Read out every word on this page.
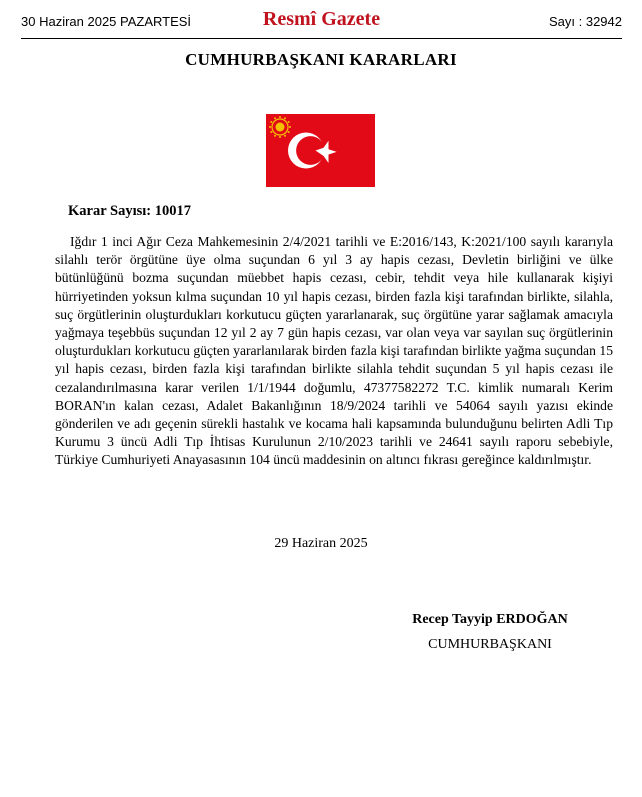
30 Haziran 2025 PAZARTESİ	Resmî Gazete	Sayı : 32942
CUMHURBAŞKANI KARARLARI
Karar Sayısı: 10017

Iğdır 1 inci Ağır Ceza Mahkemesinin 2/4/2021 tarihli ve E:2016/143, K:2021/100 sayılı kararıyla silahlı terör örgütüne üye olma suçundan 6 yıl 3 ay hapis cezası, Devletin birliğini ve ülke bütünlüğünü bozma suçundan müebbet hapis cezası, cebir, tehdit veya hile kullanarak kişiyi hürriyetinden yoksun kılma suçundan 10 yıl hapis cezası, birden fazla kişi tarafından birlikte, silahla, suç örgütlerinin oluşturdukları korkutucu güçten yararlanarak, suç örgütüne yarar sağlamak amacıyla yağmaya teşebbüs suçundan 12 yıl 2 ay 7 gün hapis cezası, var olan veya var sayılan suç örgütlerinin oluşturdukları korkutucu güçten yararlanılarak birden fazla kişi tarafından birlikte yağma suçundan 15 yıl hapis cezası, birden fazla kişi tarafından birlikte silahla tehdit suçundan 5 yıl hapis cezası ile cezalandırılmasına karar verilen 1/1/1944 doğumlu, 47377582272 T.C. kimlik numaralı Kerim BORAN'ın kalan cezası, Adalet Bakanlığının 18/9/2024 tarihli ve 54064 sayılı yazısı ekinde gönderilen ve adı geçenin sürekli hastalık ve kocama hali kapsamında bulunduğunu belirten Adli Tıp Kurumu 3 üncü Adli Tıp İhtisas Kurulunun 2/10/2023 tarihli ve 24641 sayılı raporu sebebiyle, Türkiye Cumhuriyeti Anayasasının 104 üncü maddesinin on altıncı fıkrası gereğince kaldırılmıştır.

29 Haziran 2025
Recep Tayyip ERDOĞAN
CUMHURBAŞKANI
